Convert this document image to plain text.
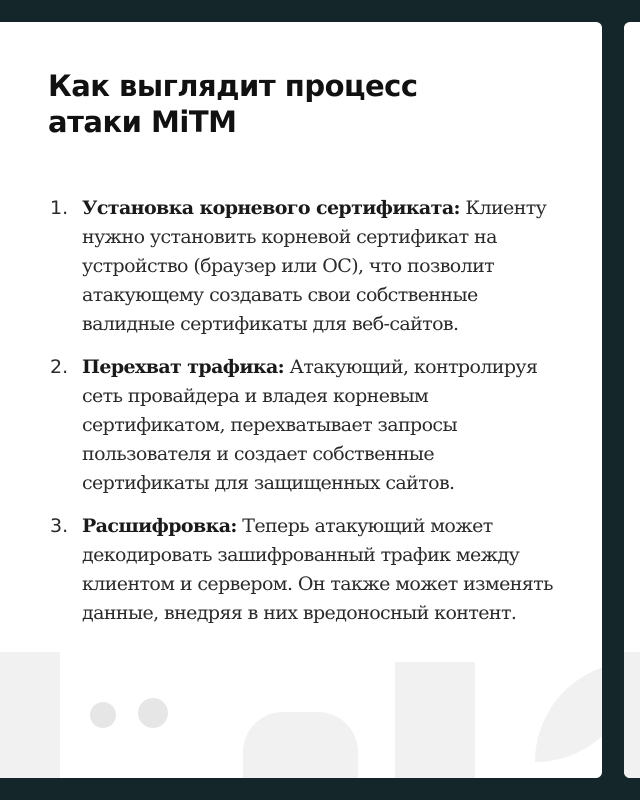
Как выглядит процесс
атаки MiTM
1. Установка корневого сертификата: Клиенту нужно установить корневой сертификат на устройство (браузер или ОС), что позволит атакующему создавать свои собственные валидные сертификаты для веб-сайтов.
2. Перехват трафика: Атакующий, контролируя сеть провайдера и владея корневым сертификатом, перехватывает запросы пользователя и создает собственные сертификаты для защищенных сайтов.
3. Расшифровка: Теперь атакующий может декодировать зашифрованный трафик между клиентом и сервером. Он также может изменять данные, внедряя в них вредоносный контент.
